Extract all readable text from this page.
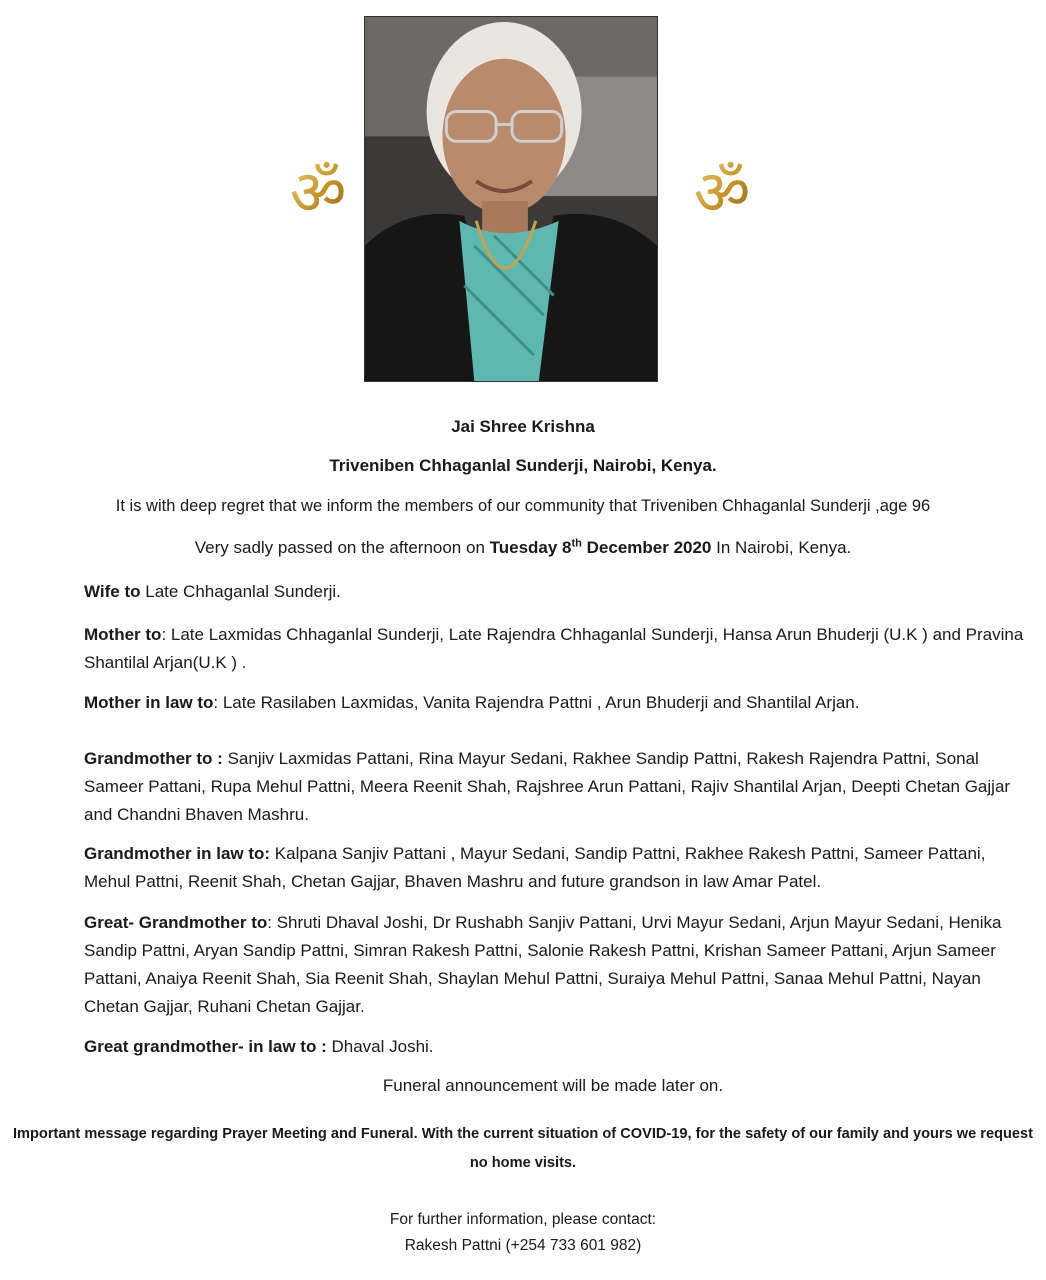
ॐ	ॐ
Jai Shree Krishna
Triveniben Chhaganlal Sunderji, Nairobi, Kenya.
It is with deep regret that we inform the members of our community that Triveniben Chhaganlal Sunderji ,age 96
Very sadly passed on the afternoon on Tuesday 8th December 2020 In Nairobi, Kenya.
Wife to Late Chhaganlal Sunderji.
Mother to: Late Laxmidas Chhaganlal Sunderji, Late Rajendra Chhaganlal Sunderji, Hansa Arun Bhuderji (U.K ) and Pravina Shantilal Arjan(U.K ) .
Mother in law to: Late Rasilaben Laxmidas, Vanita Rajendra Pattni , Arun Bhuderji and Shantilal Arjan.
Grandmother to : Sanjiv Laxmidas Pattani, Rina Mayur Sedani, Rakhee Sandip Pattni, Rakesh Rajendra Pattni, Sonal Sameer Pattani, Rupa Mehul Pattni, Meera Reenit Shah, Rajshree Arun Pattani, Rajiv Shantilal Arjan, Deepti Chetan Gajjar and Chandni Bhaven Mashru.
Grandmother in law to: Kalpana Sanjiv Pattani , Mayur Sedani, Sandip Pattni, Rakhee Rakesh Pattni, Sameer Pattani, Mehul Pattni, Reenit Shah, Chetan Gajjar, Bhaven Mashru and future grandson in law Amar Patel.
Great- Grandmother to: Shruti Dhaval Joshi, Dr Rushabh Sanjiv Pattani, Urvi Mayur Sedani, Arjun Mayur Sedani, Henika Sandip Pattni, Aryan Sandip Pattni, Simran Rakesh Pattni, Salonie Rakesh Pattni, Krishan Sameer Pattani, Arjun Sameer Pattani, Anaiya Reenit Shah, Sia Reenit Shah, Shaylan Mehul Pattni, Suraiya Mehul Pattni, Sanaa Mehul Pattni, Nayan Chetan Gajjar, Ruhani Chetan Gajjar.
Great grandmother- in law to : Dhaval Joshi.
Funeral announcement will be made later on.
Important message regarding Prayer Meeting and Funeral. With the current situation of COVID-19, for the safety of our family and yours we request no home visits.
For further information, please contact:
Rakesh Pattni (+254 733 601 982)
